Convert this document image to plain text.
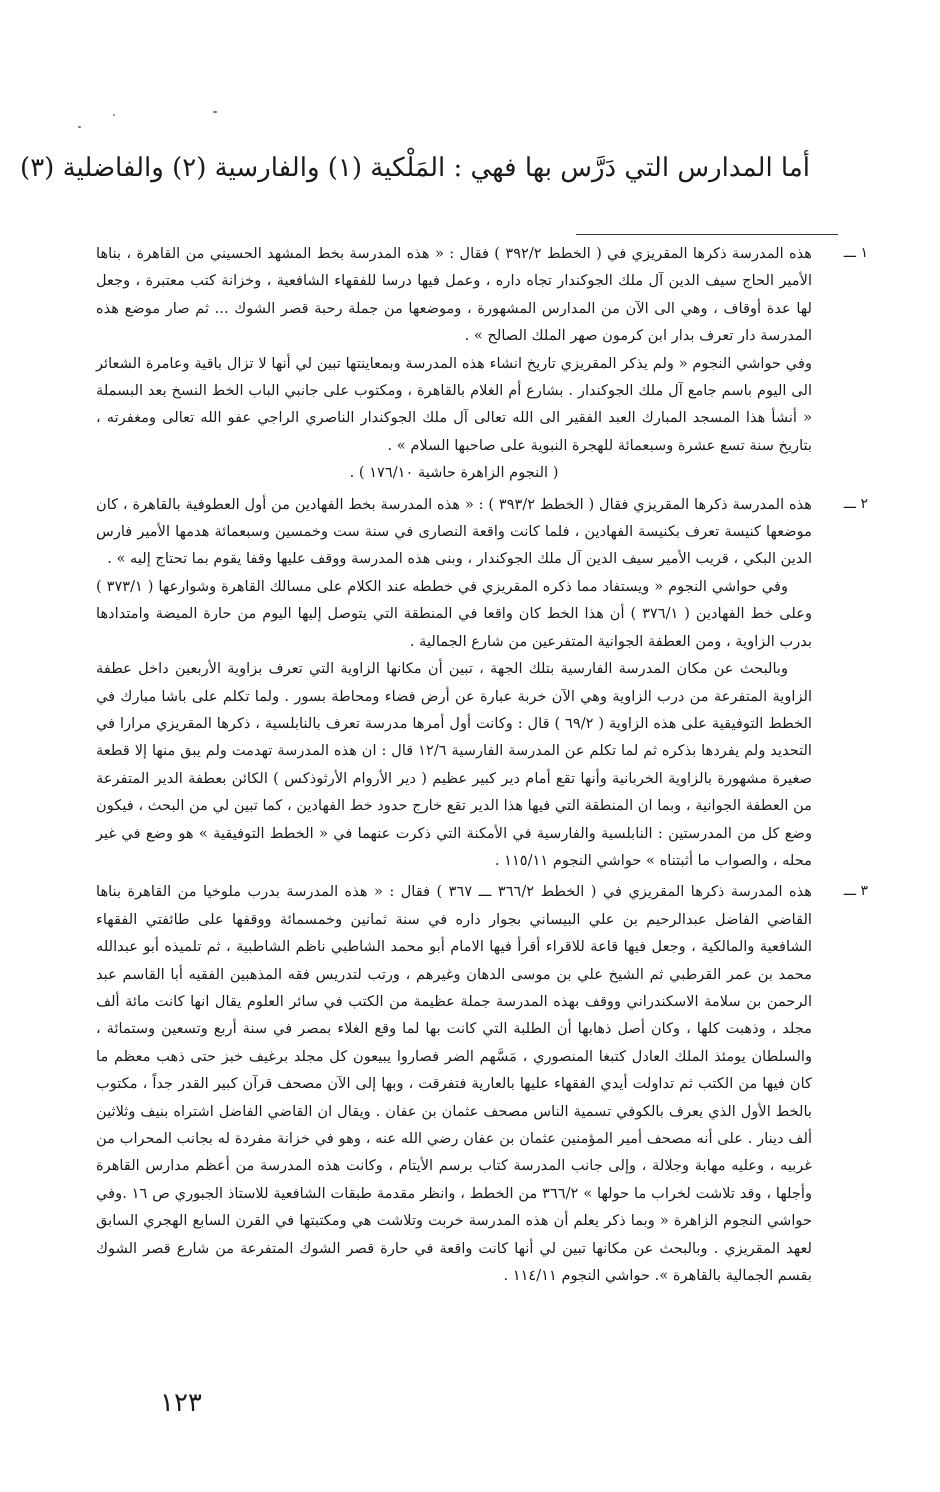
أما المدارس التي دَرَّس بها فهي : المَلْكية (١) والفارسية (٢) والفاضلية (٣)
١ ـــ

هذه المدرسة ذكرها المقريزي في ( الخطط ٣٩٢/٢ ) فقال : « هذه المدرسة بخط المشهد الحسيني من القاهرة ، بناها الأمير الحاج سيف الدين آل ملك الجوكندار تجاه داره ، وعمل فيها درسا للفقهاء الشافعية ، وخزانة كتب معتبرة ، وجعل لها عدة أوقاف ، وهي الى الآن من المدارس المشهورة ، وموضعها من جملة رحبة قصر الشوك ... ثم صار موضع هذه المدرسة دار تعرف بدار ابن كرمون صهر الملك الصالح » .

وفي حواشي النجوم « ولم يذكر المقريزي تاريخ انشاء هذه المدرسة وبمعاينتها تبين لي أنها لا تزال باقية وعامرة الشعائر الى اليوم باسم جامع آل ملك الجوكندار . بشارع أم الغلام بالقاهرة ، ومكتوب على جانبي الباب الخط النسخ بعد البسملة « أنشأ هذا المسجد المبارك العبد الفقير الى الله تعالى آل ملك الجوكندار الناصري الراجي عفو الله تعالى ومغفرته ، بتاريخ سنة تسع عشرة وسبعمائة للهجرة النبوية على صاحبها السلام » .

( النجوم الزاهرة حاشية ١٧٦/١٠ ) .

٢ ـــ

هذه المدرسة ذكرها المقريزي فقال ( الخطط ٣٩٣/٢ ) : « هذه المدرسة بخط الفهادين من أول العطوفية بالقاهرة ، كان موضعها كنيسة تعرف بكنيسة الفهادين ، فلما كانت واقعة النصارى في سنة ست وخمسين وسبعمائة هدمها الأمير فارس الدين البكي ، قريب الأمير سيف الدين آل ملك الجوكندار ، وبنى هذه المدرسة ووقف عليها وقفا يقوم بما تحتاج إليه » .

وفي حواشي النجوم « ويستفاد مما ذكره المقريزي في خططه عند الكلام على مسالك القاهرة وشوارعها ( ٣٧٣/١ ) وعلى خط الفهادين ( ٣٧٦/١ ) أن هذا الخط كان واقعا في المنطقة التي يتوصل إليها اليوم من حارة الميضة وامتدادها بدرب الزاوية ، ومن العطفة الجوانية المتفرعين من شارع الجمالية .

وبالبحث عن مكان المدرسة الفارسية بتلك الجهة ، تبين أن مكانها الزاوية التي تعرف بزاوية الأربعين داخل عطفة الزاوية المتفرعة من درب الزاوية وهي الآن خربة عبارة عن أرض فضاء ومحاطة بسور . ولما تكلم على باشا مبارك في الخطط التوفيقية على هذه الزاوية ( ٦٩/٢ ) قال : وكانت أول أمرها مدرسة تعرف بالنابلسية ، ذكرها المقريزي مرارا في التحديد ولم يفردها بذكره ثم لما تكلم عن المدرسة الفارسية ١٢/٦ قال : ان هذه المدرسة تهدمت ولم يبق منها إلا قطعة صغيرة مشهورة بالزاوية الخربانية وأنها تقع أمام دير كبير عظيم ( دير الأروام الأرثوذكس ) الكائن بعطفة الدير المتفرعة من العطفة الجوانية ، وبما ان المنطقة التي فيها هذا الدير تقع خارج حدود خط الفهادين ، كما تبين لي من البحث ، فيكون وضع كل من المدرستين : النابلسية والفارسية في الأمكنة التي ذكرت عنهما في « الخطط التوفيقية » هو وضع في غير محله ، والصواب ما أثبتناه » حواشي النجوم ١١٥/١١ .

٣ ـــ

هذه المدرسة ذكرها المقريزي في ( الخطط ٣٦٦/٢ ـــ ٣٦٧ ) فقال : « هذه المدرسة بدرب ملوخيا من القاهرة بناها القاضي الفاضل عبدالرحيم بن علي البيساني بجوار داره في سنة ثمانين وخمسمائة ووقفها على طائفتي الفقهاء الشافعية والمالكية ، وجعل فيها قاعة للاقراء أقرأ فيها الامام أبو محمد الشاطبي ناظم الشاطبية ، ثم تلميذه أبو عبدالله محمد بن عمر القرطبي ثم الشيخ علي بن موسى الدهان وغيرهم ، ورتب لتدريس فقه المذهبين الفقيه أبا القاسم عبد الرحمن بن سلامة الاسكندراني ووقف بهذه المدرسة جملة عظيمة من الكتب في سائر العلوم يقال انها كانت مائة ألف مجلد ، وذهبت كلها ، وكان أصل ذهابها أن الطلبة التي كانت بها لما وقع الغلاء بمصر في سنة أربع وتسعين وستمائة ، والسلطان يومئذ الملك العادل كتبغا المنصوري ، مَسَّهم الضر فصاروا يبيعون كل مجلد برغيف خبز حتى ذهب معظم ما كان فيها من الكتب ثم تداولت أيدي الفقهاء عليها بالعارية فتفرقت ، وبها إلى الآن مصحف قرآن كبير القدر جداً ، مكتوب بالخط الأول الذي يعرف بالكوفي تسمية الناس مصحف عثمان بن عفان . ويقال ان القاضي الفاضل اشتراه بنيف وثلاثين ألف دينار . على أنه مصحف أمير المؤمنين عثمان بن عفان رضي الله عنه ، وهو في خزانة مفردة له بجانب المحراب من غربيه ، وعليه مهابة وجلالة ، وإلى جانب المدرسة كتاب برسم الأيتام ، وكانت هذه المدرسة من أعظم مدارس القاهرة وأجلها ، وقد تلاشت لخراب ما حولها » ٣٦٦/٢ من الخطط ، وانظر مقدمة طبقات الشافعية للاستاذ الجبوري ص ١٦ .وفي حواشي النجوم الزاهرة « وبما ذكر يعلم أن هذه المدرسة خربت وتلاشت هي ومكتبتها في القرن السابع الهجري السابق لعهد المقريزي . وبالبحث عن مكانها تبين لي أنها كانت واقعة في حارة قصر الشوك المتفرعة من شارع قصر الشوك بقسم الجمالية بالقاهرة ». حواشي النجوم ١١٤/١١ .

١٢٣
